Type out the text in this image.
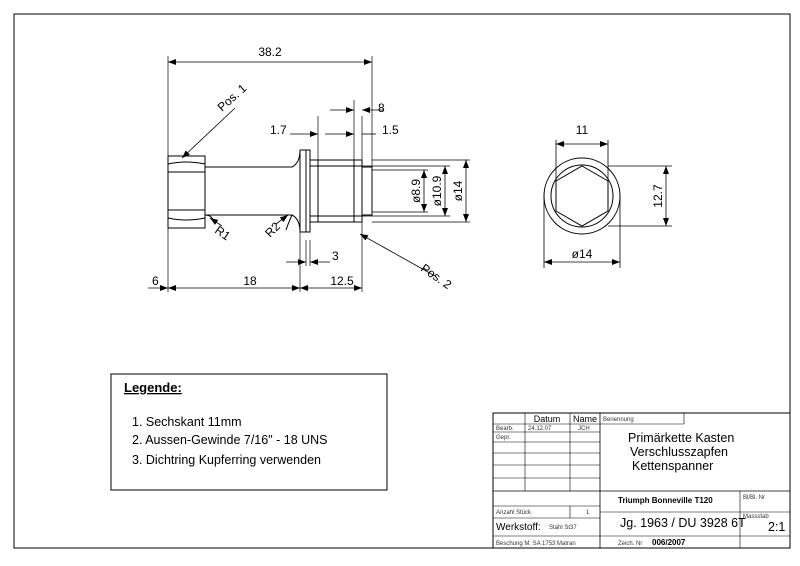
38.2
Pos. 1	8
1.7	1.5
ø8.9 ø10.9 ø14
R1 R2
3
Pos. 2
6	18	12.5
11
12.7
ø14
Legende:
1. Sechskant 11mm
2. Aussen-Gewinde 7/16" - 18 UNS
3. Dichtring Kupferring verwenden
Datum Name Benennung
Bearb. 24.12.07	JCH
Gepr.	Primärkette Kasten
Verschlusszapfen
Kettenspanner
Triumph Bonneville T120	Bl/Bl. Nr
Anzahl Stück	1
Werkstoff: Stahl St37	Jg. 1963 / DU 3928 6T
Massstab
2:1
Beschung M. SA 1753 Matran	Zeich. Nr 006/2007
